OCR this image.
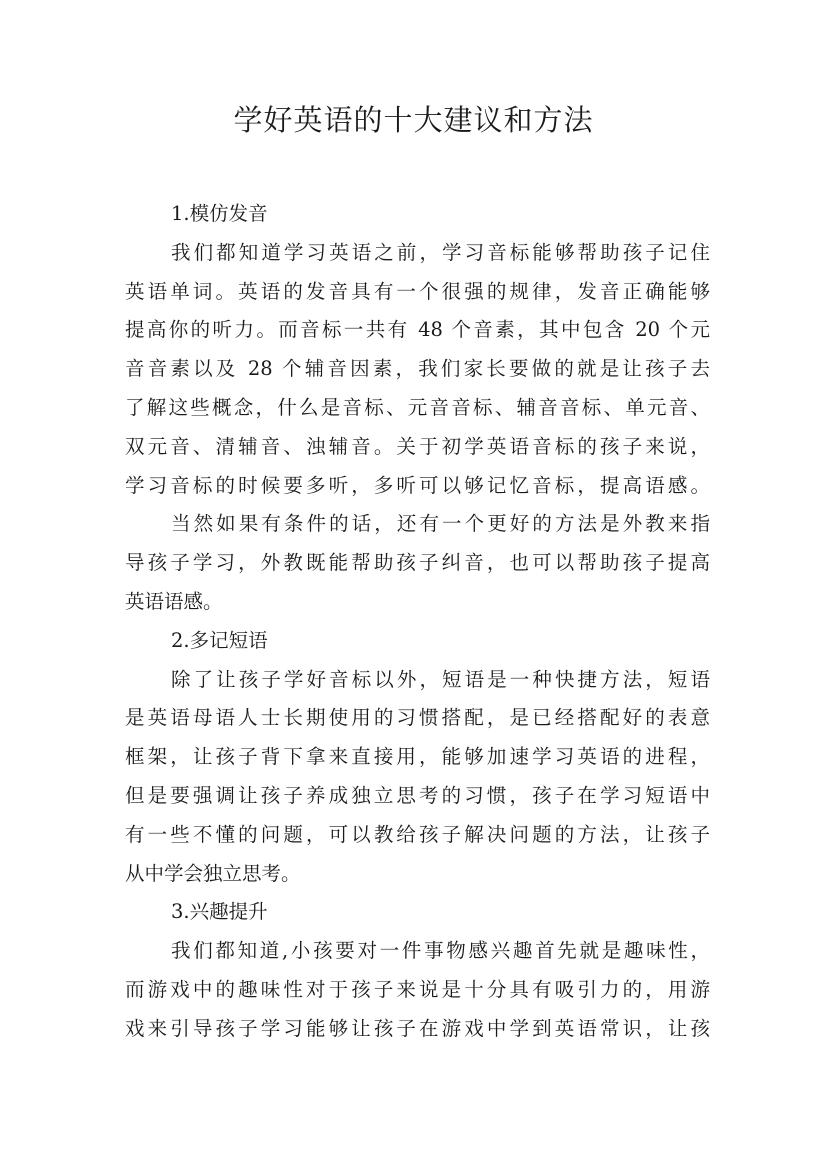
学好英语的十大建议和方法
1.模仿发音
我们都知道学习英语之前，学习音标能够帮助孩子记住
英语单词。英语的发音具有一个很强的规律，发音正确能够
提高你的听力。而音标一共有 48 个音素，其中包含 20 个元
音音素以及 28 个辅音因素，我们家长要做的就是让孩子去
了解这些概念，什么是音标、元音音标、辅音音标、单元音、
双元音、清辅音、浊辅音。关于初学英语音标的孩子来说，
学习音标的时候要多听，多听可以够记忆音标，提高语感。
当然如果有条件的话，还有一个更好的方法是外教来指
导孩子学习，外教既能帮助孩子纠音，也可以帮助孩子提高
英语语感。
2.多记短语
除了让孩子学好音标以外，短语是一种快捷方法，短语
是英语母语人士长期使用的习惯搭配，是已经搭配好的表意
框架，让孩子背下拿来直接用，能够加速学习英语的进程，
但是要强调让孩子养成独立思考的习惯，孩子在学习短语中
有一些不懂的问题，可以教给孩子解决问题的方法，让孩子
从中学会独立思考。
3.兴趣提升
我们都知道,小孩要对一件事物感兴趣首先就是趣味性，
而游戏中的趣味性对于孩子来说是十分具有吸引力的，用游
戏来引导孩子学习能够让孩子在游戏中学到英语常识，让孩
